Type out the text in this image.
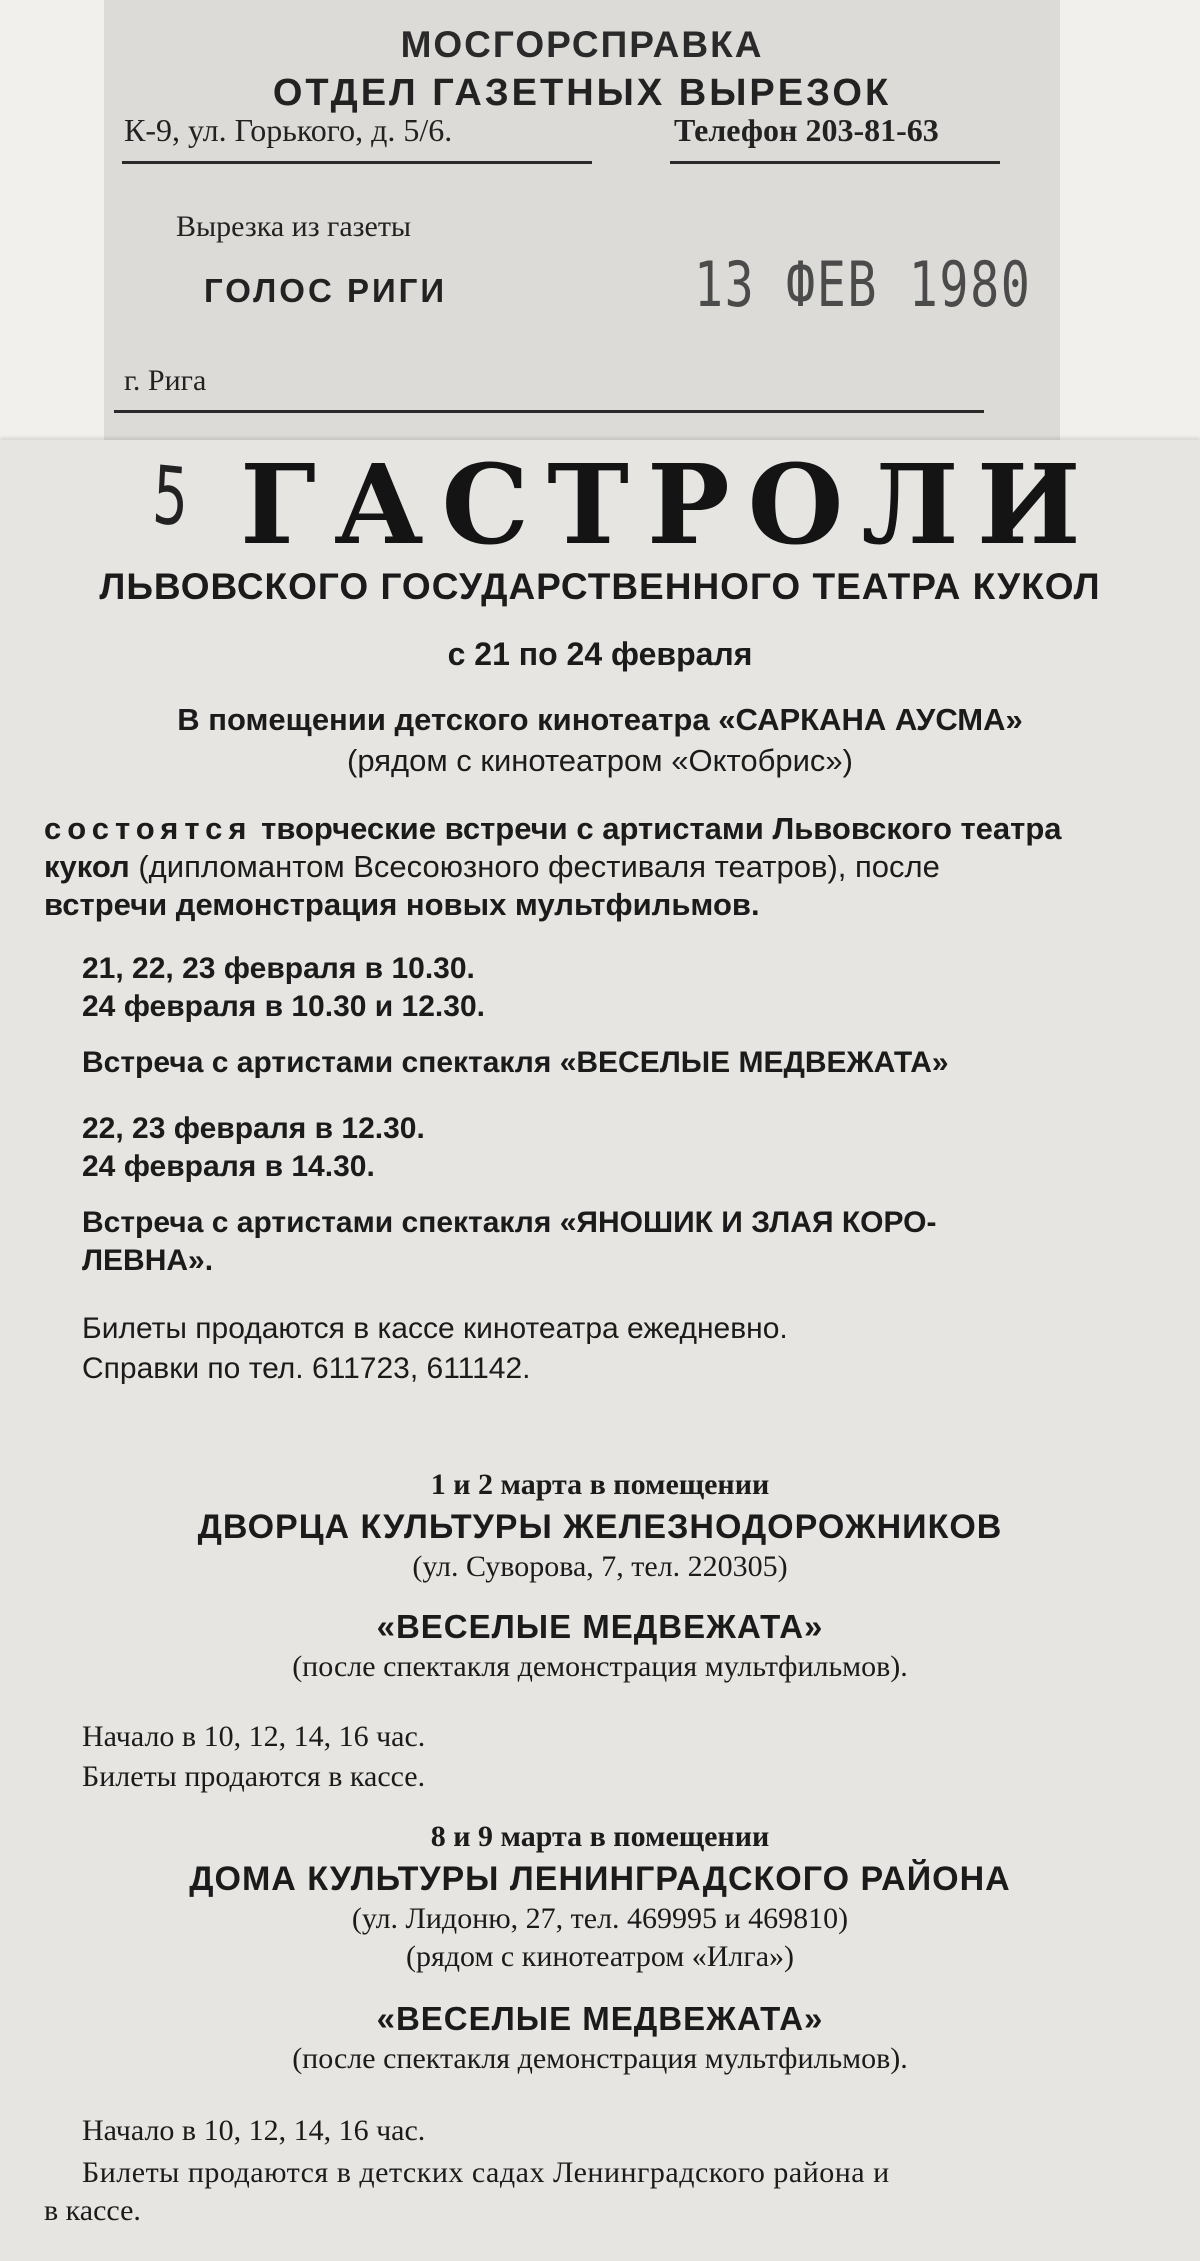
МОСГОРСПРАВКА
ОТДЕЛ ГАЗЕТНЫХ ВЫРЕЗОК
К-9, ул. Горького, д. 5/6.	Телефон 203-81-63
Вырезка из газеты
ГОЛОС РИГИ	13 ФЕВ 1980
г. Рига
5 ГАСТРОЛИ
ЛЬВОВСКОГО ГОСУДАРСТВЕННОГО ТЕАТРА КУКОЛ
с 21 по 24 февраля
В помещении детского кинотеатра «САРКАНА АУСМА»
(рядом с кинотеатром «Октобрис»)
состоятся творческие встречи с артистами Львовского театра
кукол (дипломантом Всесоюзного фестиваля театров), после
встречи демонстрация новых мультфильмов.
21, 22, 23 февраля в 10.30.
24 февраля в 10.30 и 12.30.
Встреча с артистами спектакля «ВЕСЕЛЫЕ МЕДВЕЖАТА»
22, 23 февраля в 12.30.
24 февраля в 14.30.
Встреча с артистами спектакля «ЯНОШИК И ЗЛАЯ КОРО-
ЛЕВНА».
Билеты продаются в кассе кинотеатра ежедневно.
Справки по тел. 611723, 611142.
1 и 2 марта в помещении
ДВОРЦА КУЛЬТУРЫ ЖЕЛЕЗНОДОРОЖНИКОВ
(ул. Суворова, 7, тел. 220305)
«ВЕСЕЛЫЕ МЕДВЕЖАТА»
(после спектакля демонстрация мультфильмов).
Начало в 10, 12, 14, 16 час.
Билеты продаются в кассе.
8 и 9 марта в помещении
ДОМА КУЛЬТУРЫ ЛЕНИНГРАДСКОГО РАЙОНА
(ул. Лидоню, 27, тел. 469995 и 469810)
(рядом с кинотеатром «Илга»)
«ВЕСЕЛЫЕ МЕДВЕЖАТА»
(после спектакля демонстрация мультфильмов).
Начало в 10, 12, 14, 16 час.
Билеты продаются в детских садах Ленинградского района и
в кассе.
